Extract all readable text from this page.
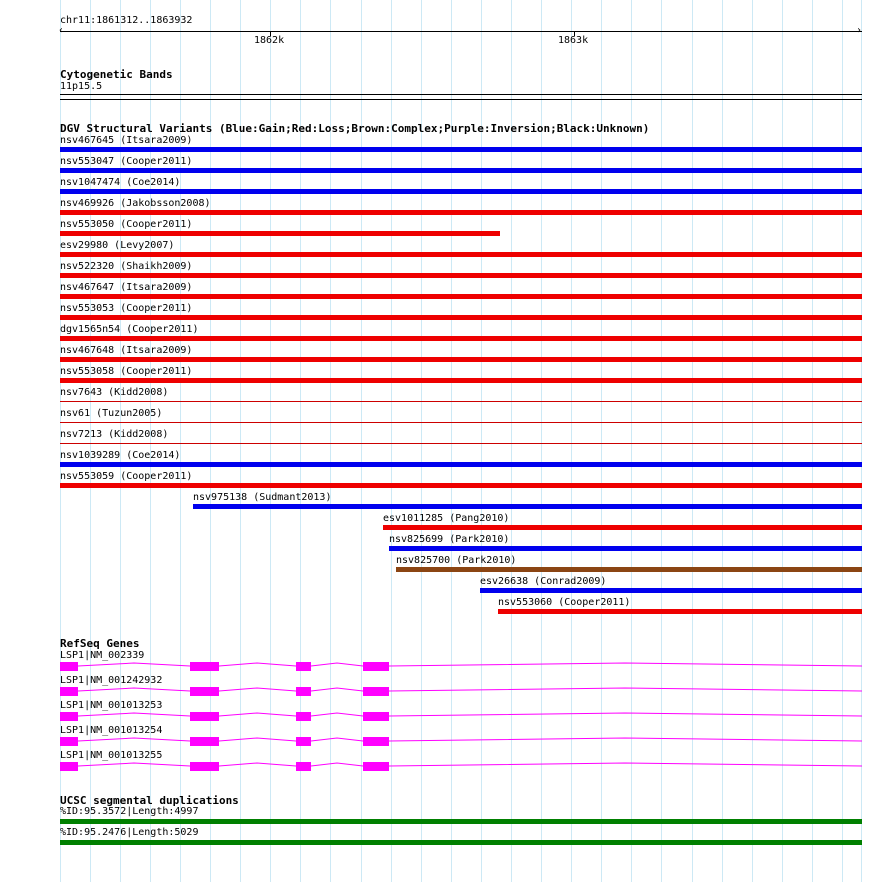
chr11:1861312..1863932
‹	›
1862k	1863k
Cytogenetic Bands
11p15.5
DGV Structural Variants (Blue:Gain;Red:Loss;Brown:Complex;Purple:Inversion;Black:Unknown)
nsv467645 (Itsara2009)
nsv553047 (Cooper2011)
nsv1047474 (Coe2014)
nsv469926 (Jakobsson2008)
nsv553050 (Cooper2011)
esv29980 (Levy2007)
nsv522320 (Shaikh2009)
nsv467647 (Itsara2009)
nsv553053 (Cooper2011)
dgv1565n54 (Cooper2011)
nsv467648 (Itsara2009)
nsv553058 (Cooper2011)
nsv7643 (Kidd2008)
nsv61 (Tuzun2005)
nsv7213 (Kidd2008)
nsv1039289 (Coe2014)
nsv553059 (Cooper2011)
nsv975138 (Sudmant2013)
esv1011285 (Pang2010)
nsv825699 (Park2010)
nsv825700 (Park2010)
esv26638 (Conrad2009)
nsv553060 (Cooper2011)
RefSeq Genes
LSP1|NM_002339
LSP1|NM_001242932
LSP1|NM_001013253
LSP1|NM_001013254
LSP1|NM_001013255
UCSC segmental duplications
%ID:95.3572|Length:4997
%ID:95.2476|Length:5029
